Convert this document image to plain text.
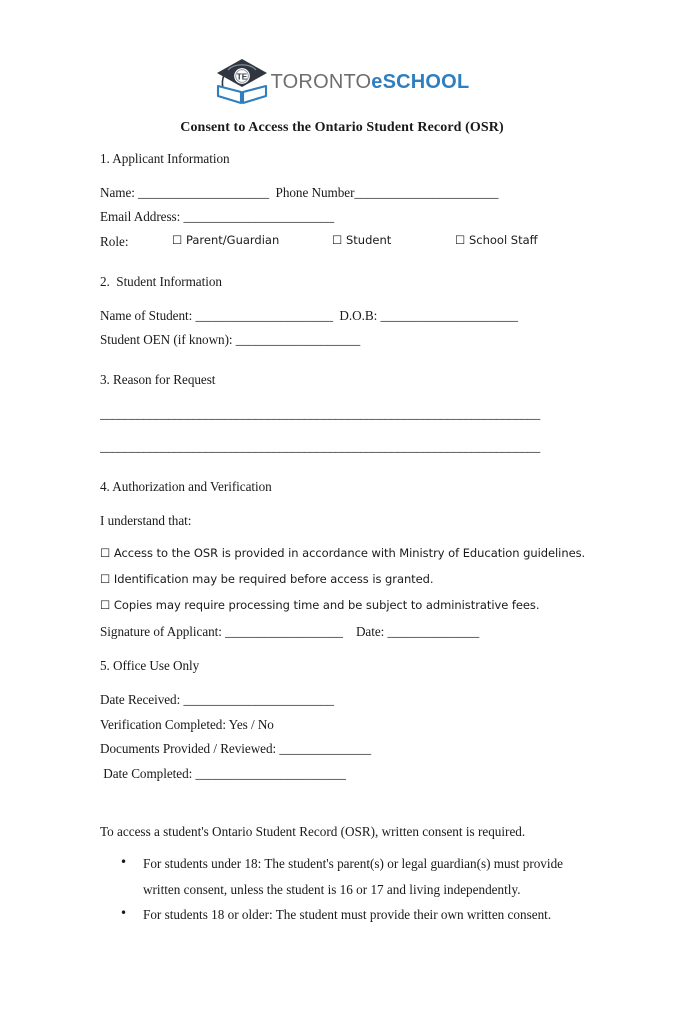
TE TORONTOeSCHOOL
Consent to Access the Ontario Student Record (OSR)
1. Applicant Information
Name: ____________________ Phone Number______________________
Email Address: _______________________
Role:	☐ Parent/Guardian	☐ Student	☐ School Staff
2.  Student Information
Name of Student: _____________________ D.O.B: _____________________
Student OEN (if known): ___________________
3. Reason for Request
_______________________________________________________________________
_______________________________________________________________________
4. Authorization and Verification
I understand that:
☐ Access to the OSR is provided in accordance with Ministry of Education guidelines.
☐ Identification may be required before access is granted.
☐ Copies may require processing time and be subject to administrative fees.
Signature of Applicant: __________________ Date: ______________
5. Office Use Only
Date Received: _______________________
Verification Completed: Yes / No
Documents Provided / Reviewed: ______________
Date Completed: _______________________
To access a student's Ontario Student Record (OSR), written consent is required.
• For students under 18: The student's parent(s) or legal guardian(s) must provide written consent, unless the student is 16 or 17 and living independently.
• For students 18 or older: The student must provide their own written consent.
